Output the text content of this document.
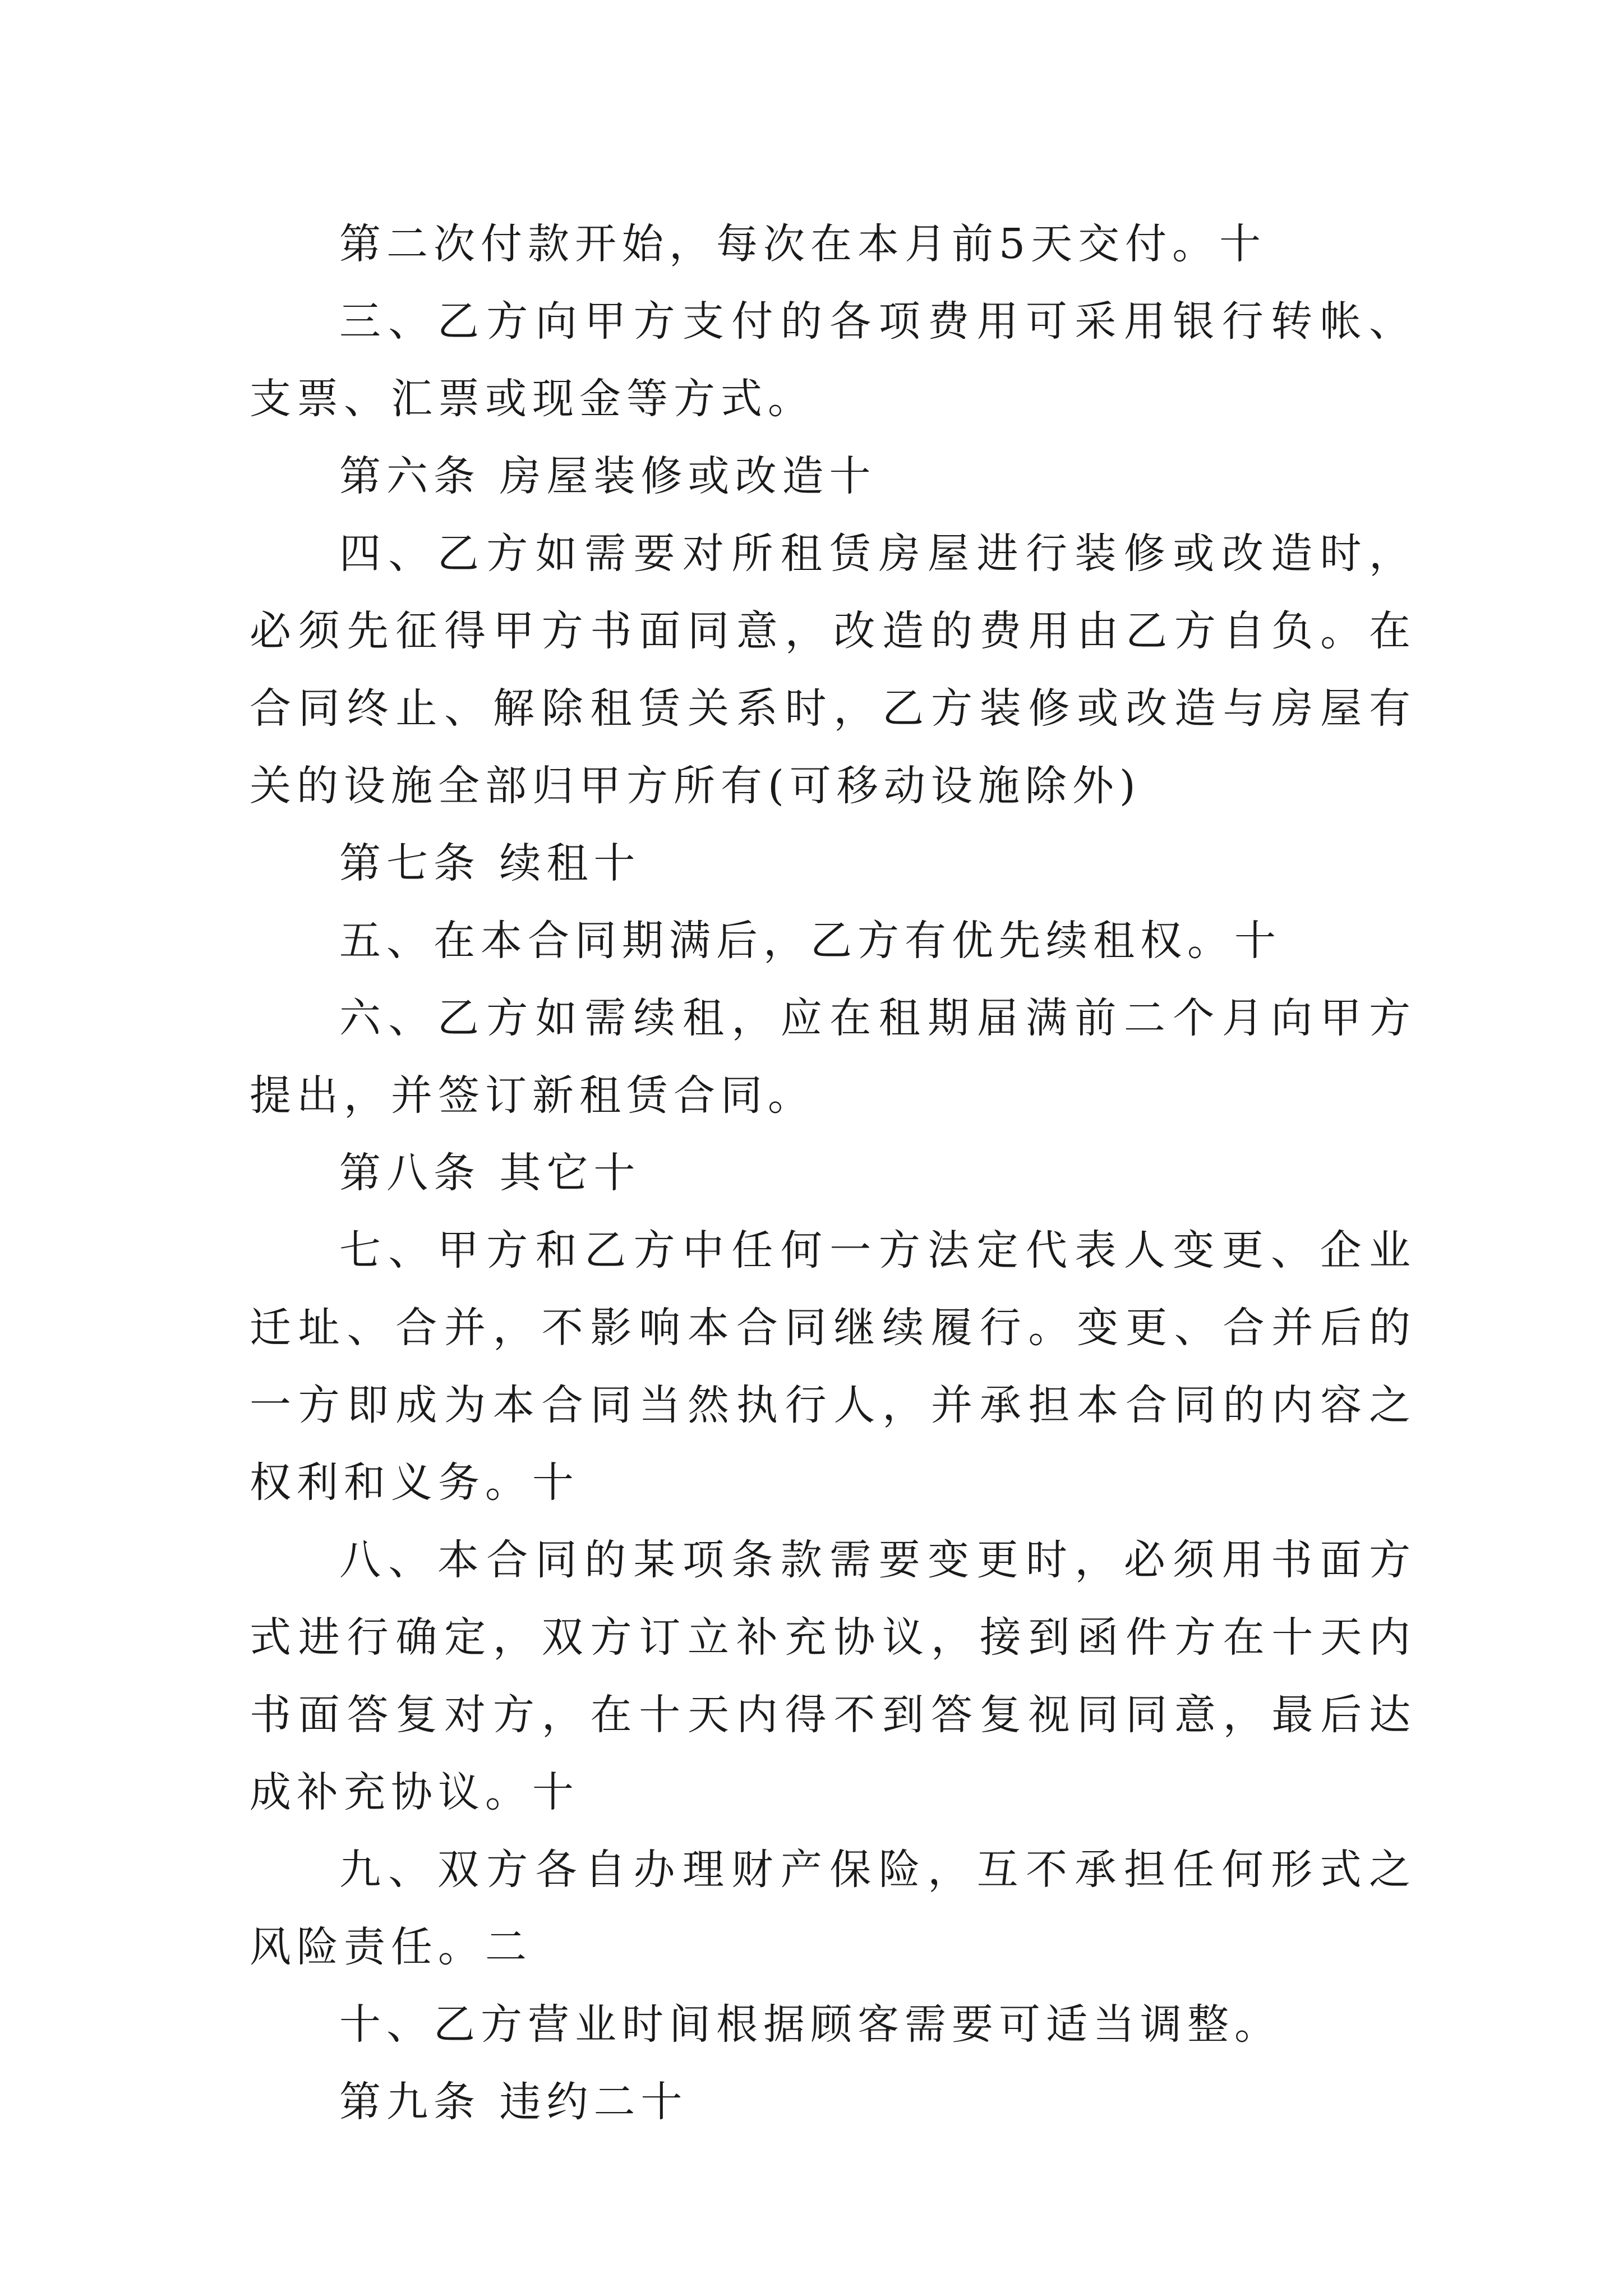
第二次付款开始，每次在本月前5天交付。十

三、乙方向甲方支付的各项费用可采用银行转帐、支票、汇票或现金等方式。

第六条 房屋装修或改造十

四、乙方如需要对所租赁房屋进行装修或改造时，必须先征得甲方书面同意，改造的费用由乙方自负。在合同终止、解除租赁关系时，乙方装修或改造与房屋有关的设施全部归甲方所有(可移动设施除外)

第七条 续租十

五、在本合同期满后，乙方有优先续租权。十

六、乙方如需续租，应在租期届满前二个月向甲方提出，并签订新租赁合同。

第八条 其它十

七、甲方和乙方中任何一方法定代表人变更、企业迁址、合并，不影响本合同继续履行。变更、合并后的一方即成为本合同当然执行人，并承担本合同的内容之权利和义务。十

八、本合同的某项条款需要变更时，必须用书面方式进行确定，双方订立补充协议，接到函件方在十天内书面答复对方，在十天内得不到答复视同同意，最后达成补充协议。十

九、双方各自办理财产保险，互不承担任何形式之风险责任。二

十、乙方营业时间根据顾客需要可适当调整。

第九条 违约二十
